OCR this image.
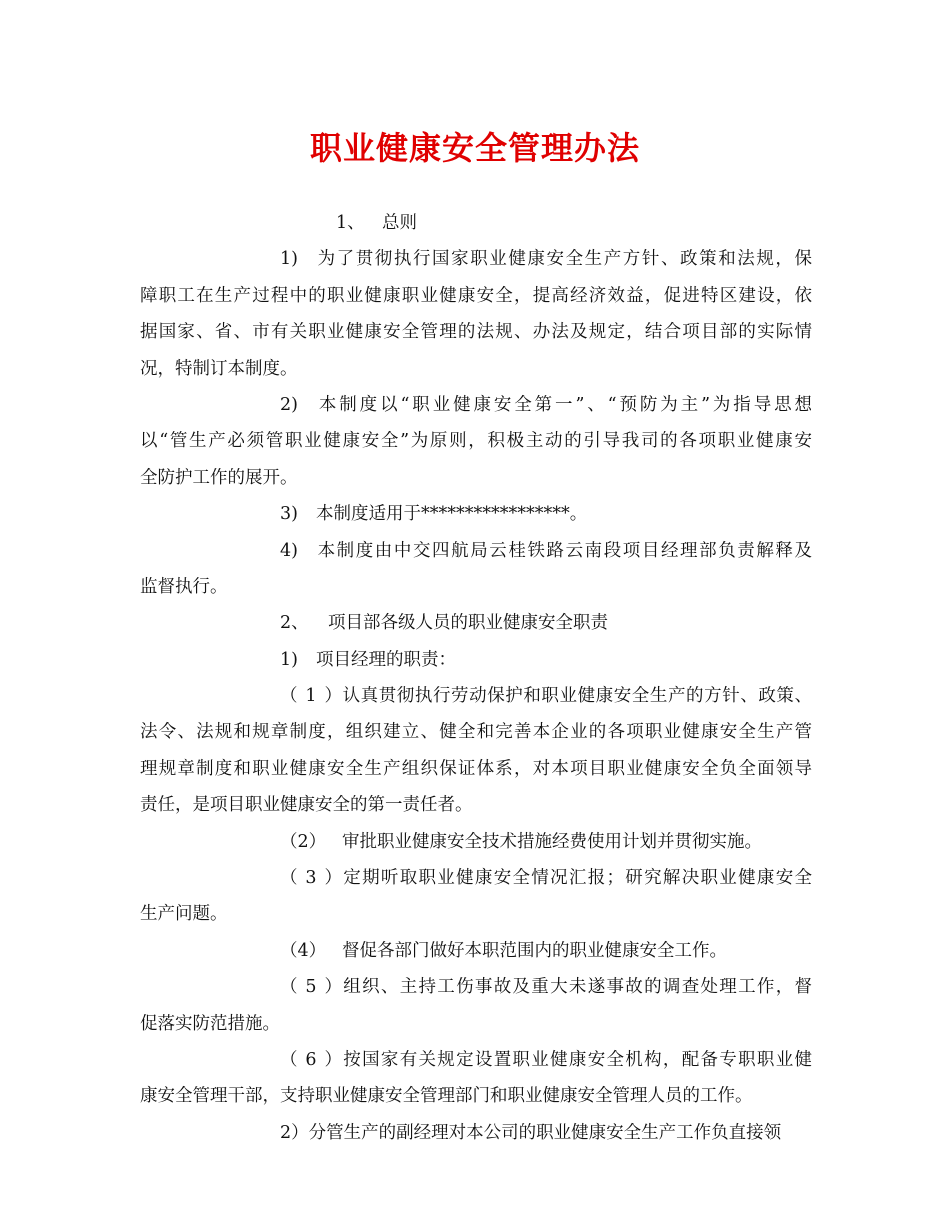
职业健康安全管理办法
1、 总则
1) 为了贯彻执行国家职业健康安全生产方针、政策和法规，保
障职工在生产过程中的职业健康职业健康安全，提高经济效益，促进特区建设，依
据国家、省、市有关职业健康安全管理的法规、办法及规定，结合项目部的实际情
况，特制订本制度。
2) 本制度以“职业健康安全第一”、“预防为主”为指导思想
以“管生产必须管职业健康安全”为原则，积极主动的引导我司的各项职业健康安
全防护工作的展开。
3) 本制度适用于*****************。
4) 本制度由中交四航局云桂铁路云南段项目经理部负责解释及
监督执行。
2、 项目部各级人员的职业健康安全职责
1) 项目经理的职责：
（1）认真贯彻执行劳动保护和职业健康安全生产的方针、政策、
法令、法规和规章制度，组织建立、健全和完善本企业的各项职业健康安全生产管
理规章制度和职业健康安全生产组织保证体系，对本项目职业健康安全负全面领导
责任，是项目职业健康安全的第一责任者。
（2） 审批职业健康安全技术措施经费使用计划并贯彻实施。
（3）定期听取职业健康安全情况汇报；研究解决职业健康安全
生产问题。
（4） 督促各部门做好本职范围内的职业健康安全工作。
（5）组织、主持工伤事故及重大未遂事故的调查处理工作，督
促落实防范措施。
（6）按国家有关规定设置职业健康安全机构，配备专职职业健
康安全管理干部，支持职业健康安全管理部门和职业健康安全管理人员的工作。
2）分管生产的副经理对本公司的职业健康安全生产工作负直接领
